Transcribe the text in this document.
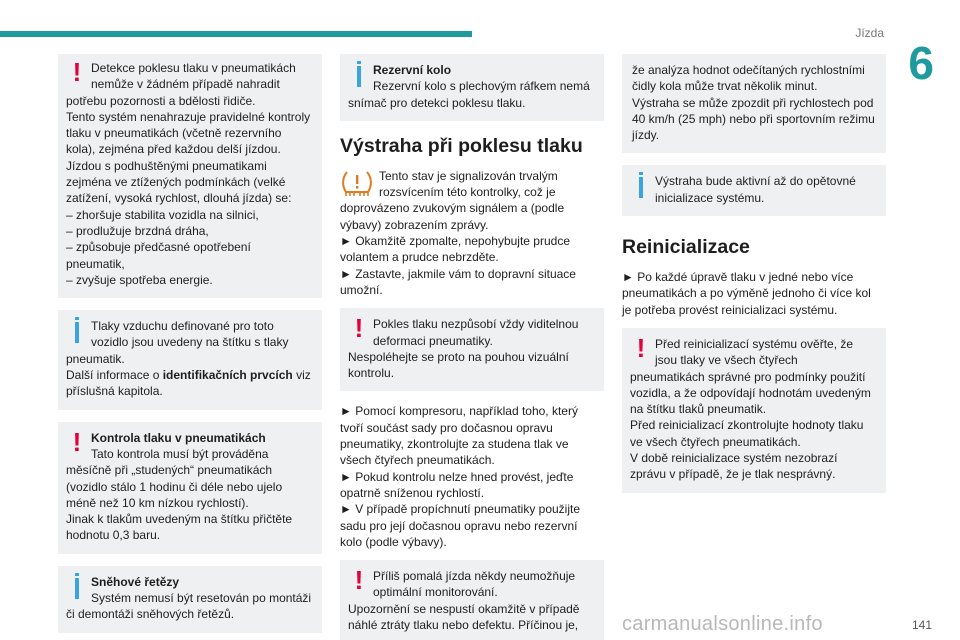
Jízda
6
! Detekce poklesu tlaku v pneumatikách
nemůže v žádném případě nahradit
potřebu pozornosti a bdělosti řidiče.
Tento systém nenahrazuje pravidelné kontroly
tlaku v pneumatikách (včetně rezervního
kola), zejména před každou delší jízdou.
Jízdou s podhuštěnými pneumatikami
zejména ve ztížených podmínkách (velké
zatížení, vysoká rychlost, dlouhá jízda) se:
– zhoršuje stabilita vozidla na silnici,
– prodlužuje brzdná dráha,
– způsobuje předčasné opotřebení
pneumatik,
– zvyšuje spotřeba energie.
Tlaky vzduchu definované pro toto
vozidlo jsou uvedeny na štítku s tlaky
pneumatik.
Další informace o identifikačních prvcích viz
příslušná kapitola.
! Kontrola tlaku v pneumatikách
Tato kontrola musí být prováděna
měsíčně při „studených“ pneumatikách
(vozidlo stálo 1 hodinu či déle nebo ujelo
méně než 10 km nízkou rychlostí).
Jinak k tlakům uvedeným na štítku přičtěte
hodnotu 0,3 baru.
Sněhové řetězy
Systém nemusí být resetován po montáži
či demontáži sněhových řetězů.
Rezervní kolo
Rezervní kolo s plechovým ráfkem nemá
snímač pro detekci poklesu tlaku.
Výstraha při poklesu tlaku
Tento stav je signalizován trvalým
rozsvícením této kontrolky, což je
doprovázeno zvukovým signálem a (podle
výbavy) zobrazením zprávy.
► Okamžitě zpomalte, nepohybujte prudce
volantem a prudce nebrzděte.
► Zastavte, jakmile vám to dopravní situace
umožní.
! Pokles tlaku nezpůsobí vždy viditelnou
deformaci pneumatiky.
Nespoléhejte se proto na pouhou vizuální
kontrolu.
► Pomocí kompresoru, například toho, který
tvoří součást sady pro dočasnou opravu
pneumatiky, zkontrolujte za studena tlak ve
všech čtyřech pneumatikách.
► Pokud kontrolu nelze hned provést, jeďte
opatrně sníženou rychlostí.
► V případě propíchnutí pneumatiky použijte
sadu pro její dočasnou opravu nebo rezervní
kolo (podle výbavy).
! Příliš pomalá jízda někdy neumožňuje
optimální monitorování.
Upozornění se nespustí okamžitě v případě
náhlé ztráty tlaku nebo defektu. Příčinou je,
že analýza hodnot odečítaných rychlostními
čidly kola může trvat několik minut.
Výstraha se může zpozdit při rychlostech pod
40 km/h (25 mph) nebo při sportovním režimu
jízdy.
Výstraha bude aktivní až do opětovné
inicializace systému.
Reinicializace
► Po každé úpravě tlaku v jedné nebo více
pneumatikách a po výměně jednoho či více kol
je potřeba provést reinicializaci systému.
! Před reinicializací systému ověřte, že
jsou tlaky ve všech čtyřech
pneumatikách správné pro podmínky použití
vozidla, a že odpovídají hodnotám uvedeným
na štítku tlaků pneumatik.
Před reinicializací zkontrolujte hodnoty tlaku
ve všech čtyřech pneumatikách.
V době reinicializace systém nezobrazí
zprávu v případě, že je tlak nesprávný.
carmanualsonline.info	141
